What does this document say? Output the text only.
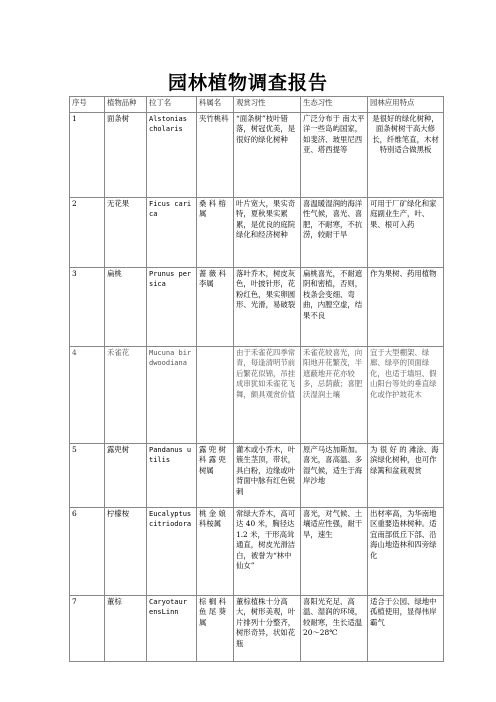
园林植物调查报告
序号	植物品种	拉丁名	科属名	观赏习性	生态习性	园林应用特点
1	面条树	Alstonias cholaris	夹竹桃科	“面条树”枝叶错落，树冠优美，是很好的绿化树种	广泛分布于 南太平洋一些岛屿国家，如斐济、玻里尼西亚、塔西提等	是很好的绿化树种，面条树树干高大修长，纤维笔直，木材特别适合做黑板
2	无花果	Ficus carica	桑 科 榕属	叶片宽大，果实奇特，夏秋果实累累，是优良的庭院绿化和经济树种	喜温暖湿润的海洋性气候，喜光、喜肥，不耐寒，不抗涝，较耐干旱	可用于厂矿绿化和家庭副业生产，叶、果、根可入药
3	扁桃	Prunus persica	蔷 薇 科李属	落叶乔木，树皮灰色，叶披针形，花粉红色，果实卵圆形、光滑，易破裂	扁桃喜光，不耐遮阴和密植，否则，枝条会变细、弯曲，内膛空虚，结果不良	作为果树、药用植物
4	禾雀花	Mucuna birdwoodiana		由于禾雀花四季常青，每逢清明节前后繁花似锦，吊挂成串犹如禾雀花飞舞，颇具观赏价值	禾雀花较喜光，向阳地开花繁茂，半遮蔽地开花亦较多，忌荫蔽；喜肥沃湿润土壤	宜于大型棚架、绿廊、绿亭的顶面绿化，也适于墙垣、假山阳台等处的垂直绿化或作护坡花木
5	露兜树	Pandanus utilis	露 兜 树科 露 兜树属	灌木或小乔木，叶簇生茎顶，带状，具白粉，边缘或叶背面中脉有红色锐刺	原产马达加斯加。喜光，喜高温、多湿气候，适生于海岸沙地	为 很 好 的 滩涂、海滨绿化树种，也可作绿篱和盆栽观赏
6	柠檬桉	Eucalyptus citriodora	桃 金 娘科桉属	常绿大乔木，高可达 40 米，胸径达 1.2 米，干形高耸通直，树皮光滑洁白，被誉为“林中仙女”	喜光，对气候、土壤适应性强，耐干旱，速生	出材率高，为华南地区重要造林树种。适宜南部低丘下部、沿海山地造林和四旁绿化
7	董棕	Caryotaur ensLinn	棕 榈 科鱼 尾 葵属	董棕植株十分高大，树形美观，叶片排列十分整齐，树形奇异，状如花瓶	喜阳光充足、高温、湿润的环境，较耐寒，生长适温 20～28℃	适合于公园、绿地中孤植使用，显得伟岸霸气
